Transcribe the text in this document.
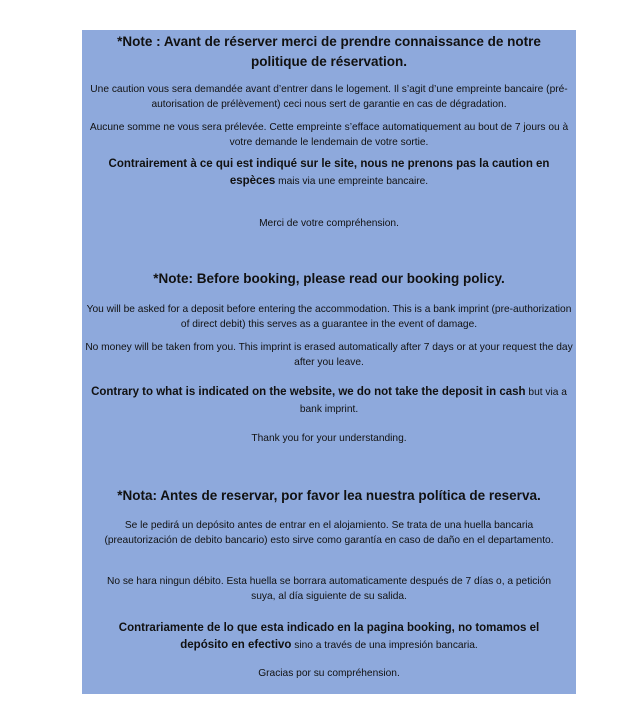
*Note : Avant de réserver merci de prendre connaissance de notre politique de réservation.
Une caution vous sera demandée avant d’entrer dans le logement. Il s’agit d’une empreinte bancaire (pré-autorisation de prélèvement) ceci nous sert de garantie en cas de dégradation.
Aucune somme ne vous sera prélevée. Cette empreinte s’efface automatiquement au bout de 7 jours ou à votre demande le lendemain de votre sortie.
Contrairement à ce qui est indiqué sur le site, nous ne prenons pas la caution en espèces mais via une empreinte bancaire.
Merci de votre compréhension.
*Note: Before booking, please read our booking policy.
You will be asked for a deposit before entering the accommodation. This is a bank imprint (pre-authorization of direct debit) this serves as a guarantee in the event of damage.
No money will be taken from you. This imprint is erased automatically after 7 days or at your request the day after you leave.
Contrary to what is indicated on the website, we do not take the deposit in cash but via a bank imprint.
Thank you for your understanding.
*Nota: Antes de reservar, por favor lea nuestra política de reserva.
Se le pedirá un depósito antes de entrar en el alojamiento. Se trata de una huella bancaria (preautorización de debito bancario) esto sirve como garantía en caso de daño en el departamento.
No se hara ningun débito. Esta huella se borrara automaticamente después de 7 días o, a petición suya, al día siguiente de su salida.
Contrariamente de lo que esta indicado en la pagina booking, no tomamos el depósito en efectivo sino a través de una impresión bancaria.
Gracias por su compréhension.
